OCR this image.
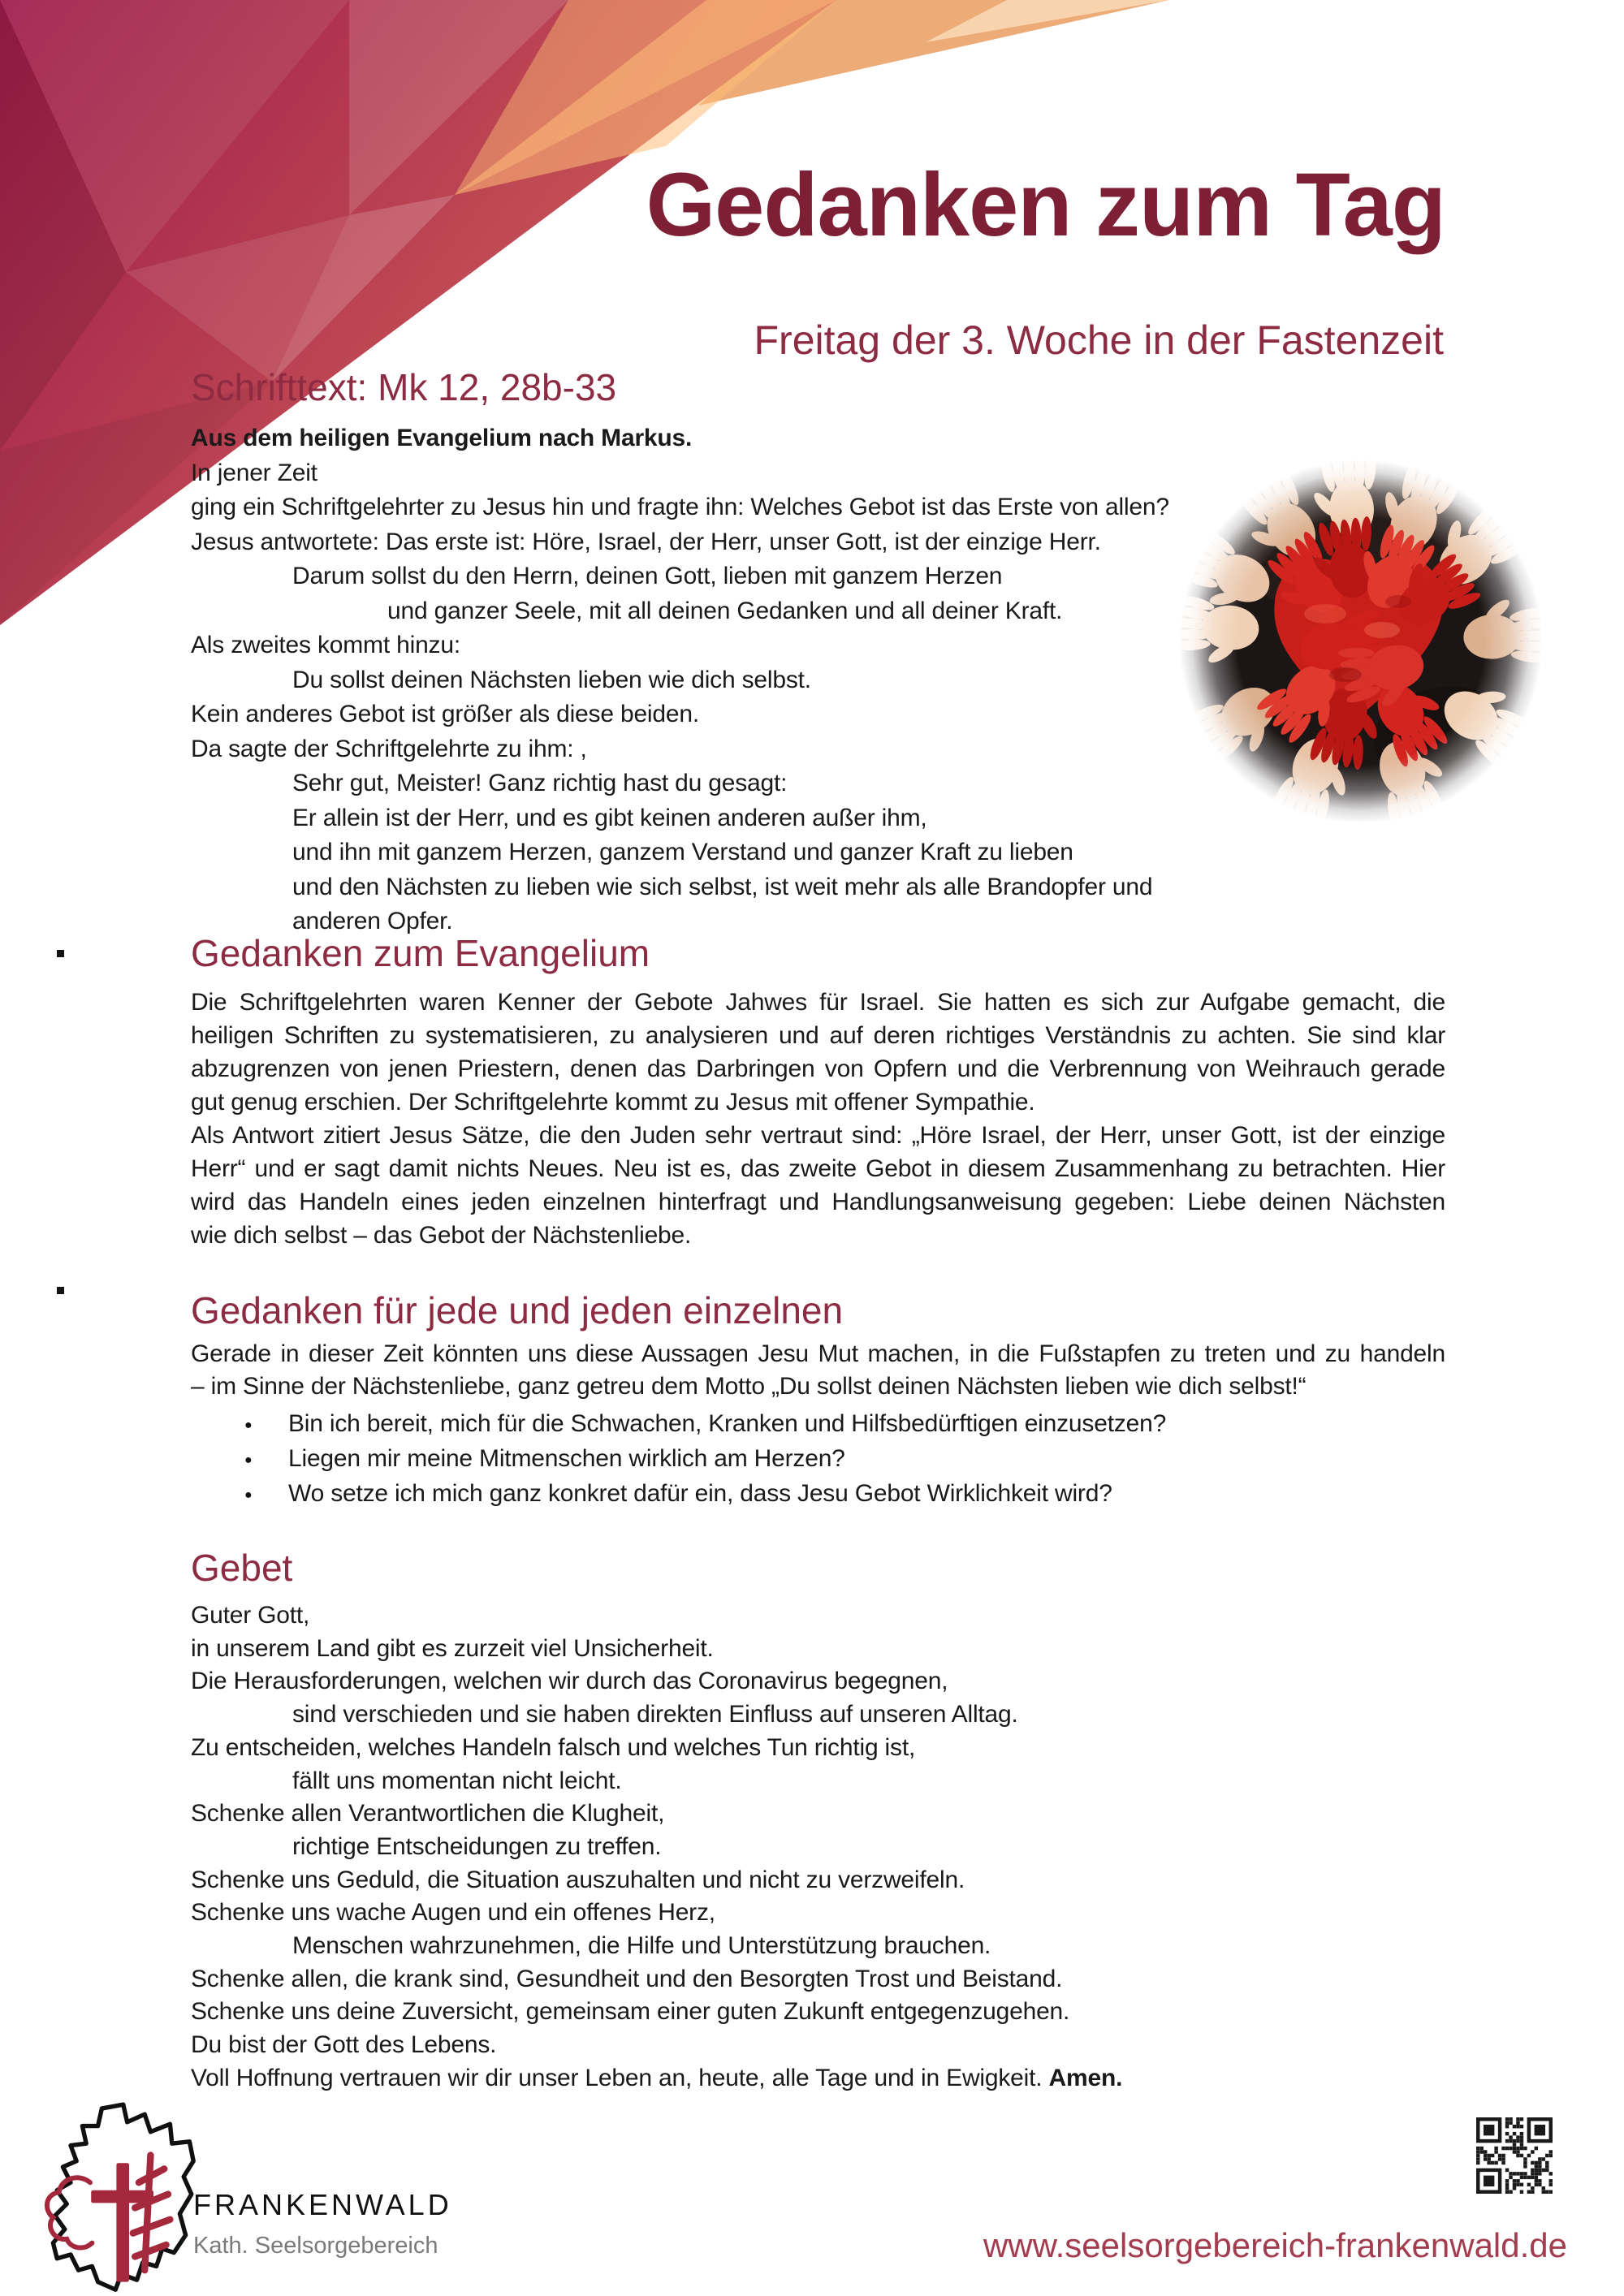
Gedanken zum Tag
Freitag der 3. Woche in der Fastenzeit
Schrifttext: Mk 12, 28b-33
Aus dem heiligen Evangelium nach Markus.
In jener Zeit
ging ein Schriftgelehrter zu Jesus hin und fragte ihn: Welches Gebot ist das Erste von allen?
Jesus antwortete: Das erste ist: Höre, Israel, der Herr, unser Gott, ist der einzige Herr.
Darum sollst du den Herrn, deinen Gott, lieben mit ganzem Herzen
und ganzer Seele, mit all deinen Gedanken und all deiner Kraft.
Als zweites kommt hinzu:
Du sollst deinen Nächsten lieben wie dich selbst.
Kein anderes Gebot ist größer als diese beiden.
Da sagte der Schriftgelehrte zu ihm: ,
Sehr gut, Meister! Ganz richtig hast du gesagt:
Er allein ist der Herr, und es gibt keinen anderen außer ihm,
und ihn mit ganzem Herzen, ganzem Verstand und ganzer Kraft zu lieben
und den Nächsten zu lieben wie sich selbst, ist weit mehr als alle Brandopfer und anderen Opfer.
Gedanken zum Evangelium
Die Schriftgelehrten waren Kenner der Gebote Jahwes für Israel. Sie hatten es sich zur Aufgabe gemacht, die
heiligen Schriften zu systematisieren, zu analysieren und auf deren richtiges Verständnis zu achten. Sie sind klar
abzugrenzen von jenen Priestern, denen das Darbringen von Opfern und die Verbrennung von Weihrauch gerade
gut genug erschien. Der Schriftgelehrte kommt zu Jesus mit offener Sympathie.
Als Antwort zitiert Jesus Sätze, die den Juden sehr vertraut sind: „Höre Israel, der Herr, unser Gott, ist der einzige
Herr“ und er sagt damit nichts Neues. Neu ist es, das zweite Gebot in diesem Zusammenhang zu betrachten. Hier
wird das Handeln eines jeden einzelnen hinterfragt und Handlungsanweisung gegeben: Liebe deinen Nächsten
wie dich selbst – das Gebot der Nächstenliebe.
Gedanken für jede und jeden einzelnen
Gerade in dieser Zeit könnten uns diese Aussagen Jesu Mut machen, in die Fußstapfen zu treten und zu handeln
– im Sinne der Nächstenliebe, ganz getreu dem Motto „Du sollst deinen Nächsten lieben wie dich selbst!“
● Bin ich bereit, mich für die Schwachen, Kranken und Hilfsbedürftigen einzusetzen?
● Liegen mir meine Mitmenschen wirklich am Herzen?
● Wo setze ich mich ganz konkret dafür ein, dass Jesu Gebot Wirklichkeit wird?
Gebet
Guter Gott,
in unserem Land gibt es zurzeit viel Unsicherheit.
Die Herausforderungen, welchen wir durch das Coronavirus begegnen,
sind verschieden und sie haben direkten Einfluss auf unseren Alltag.
Zu entscheiden, welches Handeln falsch und welches Tun richtig ist,
fällt uns momentan nicht leicht.
Schenke allen Verantwortlichen die Klugheit,
richtige Entscheidungen zu treffen.
Schenke uns Geduld, die Situation auszuhalten und nicht zu verzweifeln.
Schenke uns wache Augen und ein offenes Herz,
Menschen wahrzunehmen, die Hilfe und Unterstützung brauchen.
Schenke allen, die krank sind, Gesundheit und den Besorgten Trost und Beistand.
Schenke uns deine Zuversicht, gemeinsam einer guten Zukunft entgegenzugehen.
Du bist der Gott des Lebens.
Voll Hoffnung vertrauen wir dir unser Leben an, heute, alle Tage und in Ewigkeit. Amen.
FRANKENWALD
Kath. Seelsorgebereich	www.seelsorgebereich-frankenwald.de
